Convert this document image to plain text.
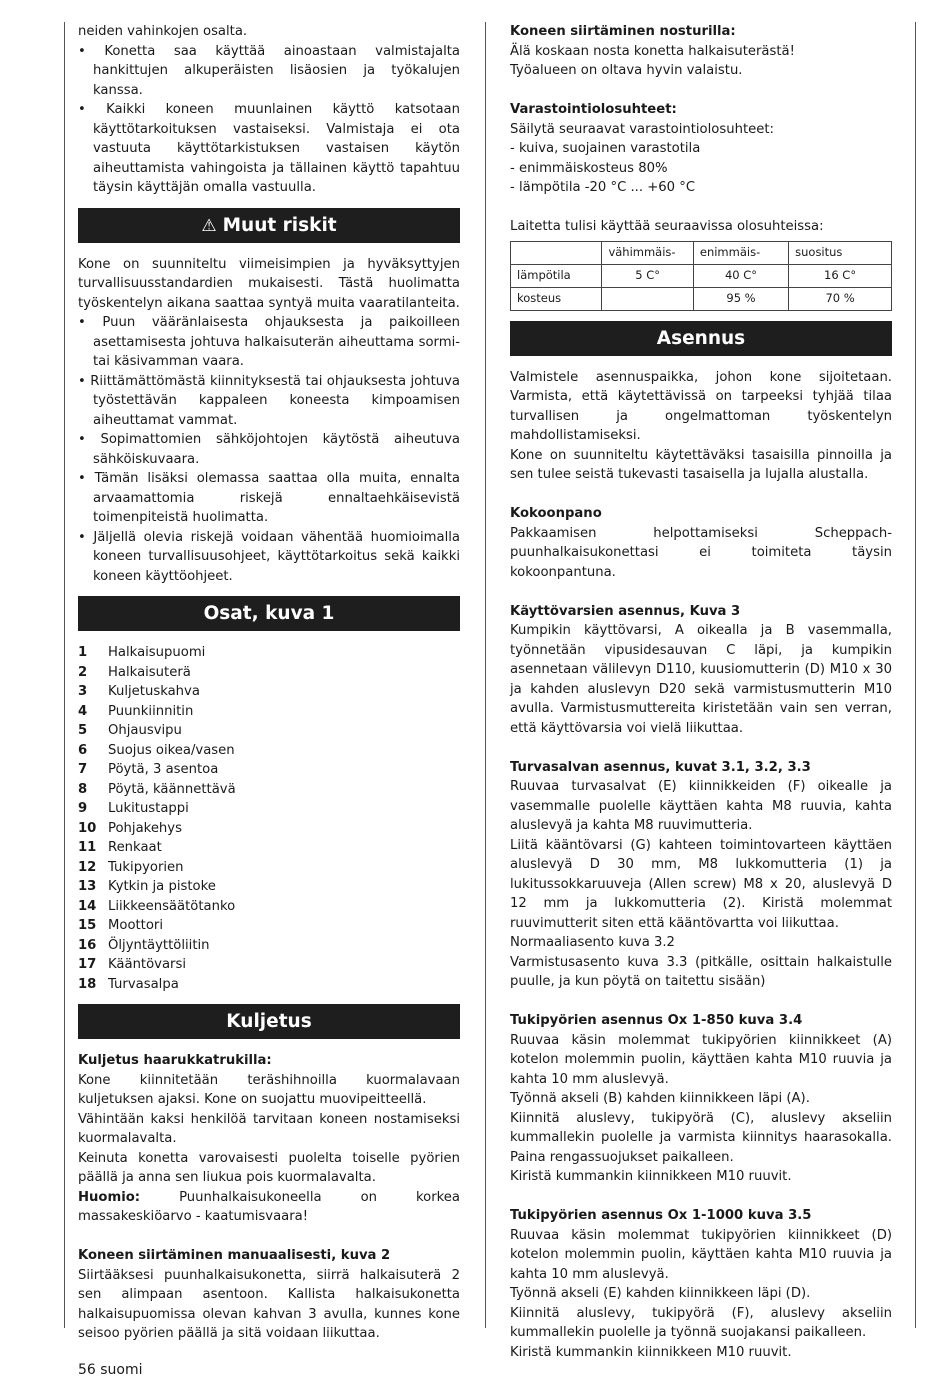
neiden vahinkojen osalta.

• Konetta saa käyttää ainoastaan valmistajalta hankittujen alkuperäisten lisäosien ja työkalujen kanssa.

• Kaikki koneen muunlainen käyttö katsotaan käyttötarkoituksen vastaiseksi. Valmistaja ei ota vastuuta käyttötarkistuksen vastaisen käytön aiheuttamista vahingoista ja tällainen käyttö tapahtuu täysin käyttäjän omalla vastuulla.

⚠ Muut riskit

Kone on suunniteltu viimeisimpien ja hyväksyttyjen turvallisuusstandardien mukaisesti. Tästä huolimatta työskentelyn aikana saattaa syntyä muita vaaratilanteita.

• Puun vääränlaisesta ohjauksesta ja paikoilleen asettamisesta johtuva halkaisuterän aiheuttama sormi- tai käsivamman vaara.

• Riittämättömästä kiinnityksestä tai ohjauksesta johtuva työstettävän kappaleen koneesta kimpoamisen aiheuttamat vammat.

• Sopimattomien sähköjohtojen käytöstä aiheutuva sähköiskuvaara.

• Tämän lisäksi olemassa saattaa olla muita, ennalta arvaamattomia riskejä ennaltaehkäisevistä toimenpiteistä huolimatta.

• Jäljellä olevia riskejä voidaan vähentää huomioimalla koneen turvallisuusohjeet, käyttötarkoitus sekä kaikki koneen käyttöohjeet.

Osat, kuva 1
1	Halkaisupuomi
2	Halkaisuterä
3	Kuljetuskahva
4	Puunkiinnitin
5	Ohjausvipu
6	Suojus oikea/vasen
7	Pöytä, 3 asentoa
8	Pöytä, käännettävä
9	Lukitustappi
10 Pohjakehys
11 Renkaat
12 Tukipyorien
13 Kytkin ja pistoke
14 Liikkeensäätötanko
15 Moottori
16 Öljyntäyttöliitin
17 Kääntövarsi
18 Turvasalpa
Kuljetus

Kuljetus haarukkatrukilla:

Kone kiinnitetään teräshihnoilla kuormalavaan kuljetuksen ajaksi. Kone on suojattu muovipeitteellä.

Vähintään kaksi henkilöä tarvitaan koneen nostamiseksi kuormalavalta.

Keinuta konetta varovaisesti puolelta toiselle pyörien päällä ja anna sen liukua pois kuormalavalta.

Huomio: Puunhalkaisukoneella on korkea massakeskiöarvo - kaatumisvaara!

Koneen siirtäminen manuaalisesti, kuva 2

Siirtääksesi puunhalkaisukonetta, siirrä halkaisuterä 2 sen alimpaan asentoon. Kallista halkaisukonetta halkaisupuomissa olevan kahvan 3 avulla, kunnes kone seisoo pyörien päällä ja sitä voidaan liikuttaa.

Koneen siirtäminen nosturilla:

Älä koskaan nosta konetta halkaisuterästä!

Työalueen on oltava hyvin valaistu.

Varastointiolosuhteet:

Säilytä seuraavat varastointiolosuhteet:

- kuiva, suojainen varastotila

- enimmäiskosteus 80%

- lämpötila -20 °C ... +60 °C

Laitetta tulisi käyttää seuraavissa olosuhteissa:

	vähimmäis-	enimmäis-	suositus
lämpötila	5 C°	40 C°	16 C°
kosteus		95 %	70 %
Asennus

Valmistele asennuspaikka, johon kone sijoitetaan. Varmista, että käytettävissä on tarpeeksi tyhjää tilaa turvallisen ja ongelmattoman työskentelyn mahdollistamiseksi.

Kone on suunniteltu käytettäväksi tasaisilla pinnoilla ja sen tulee seistä tukevasti tasaisella ja lujalla alustalla.

Kokoonpano

Pakkaamisen helpottamiseksi Scheppach-puunhalkaisukonettasi ei toimiteta täysin kokoonpantuna.

Käyttövarsien asennus, Kuva 3

Kumpikin käyttövarsi, A oikealla ja B vasemmalla, työnnetään vipusidesauvan C läpi, ja kumpikin asennetaan välilevyn D110, kuusiomutterin (D) M10 x 30 ja kahden aluslevyn D20 sekä varmistusmutterin M10 avulla. Varmistusmuttereita kiristetään vain sen verran, että käyttövarsia voi vielä liikuttaa.

Turvasalvan asennus, kuvat 3.1, 3.2, 3.3

Ruuvaa turvasalvat (E) kiinnikkeiden (F) oikealle ja vasemmalle puolelle käyttäen kahta M8 ruuvia, kahta aluslevyä ja kahta M8 ruuvimutteria.

Liitä kääntövarsi (G) kahteen toimintovarteen käyttäen aluslevyä D 30 mm, M8 lukkomutteria (1) ja lukitussokkaruuveja (Allen screw) M8 x 20, aluslevyä D 12 mm ja lukkomutteria (2). Kiristä molemmat ruuvimutterit siten että kääntövartta voi liikuttaa.

Normaaliasento kuva 3.2

Varmistusasento kuva 3.3 (pitkälle, osittain halkaistulle puulle, ja kun pöytä on taitettu sisään)

Tukipyörien asennus Ox 1-850 kuva 3.4

Ruuvaa käsin molemmat tukipyörien kiinnikkeet (A) kotelon molemmin puolin, käyttäen kahta M10 ruuvia ja kahta 10 mm aluslevyä.

Työnnä akseli (B) kahden kiinnikkeen läpi (A).

Kiinnitä aluslevy, tukipyörä (C), aluslevy akseliin kummallekin puolelle ja varmista kiinnitys haarasokalla. Paina rengassuojukset paikalleen.

Kiristä kummankin kiinnikkeen M10 ruuvit.

Tukipyörien asennus Ox 1-1000 kuva 3.5

Ruuvaa käsin molemmat tukipyörien kiinnikkeet (D) kotelon molemmin puolin, käyttäen kahta M10 ruuvia ja kahta 10 mm aluslevyä.

Työnnä akseli (E) kahden kiinnikkeen läpi (D).

Kiinnitä aluslevy, tukipyörä (F), aluslevy akseliin kummallekin puolelle ja työnnä suojakansi paikalleen.

Kiristä kummankin kiinnikkeen M10 ruuvit.

56 suomi
